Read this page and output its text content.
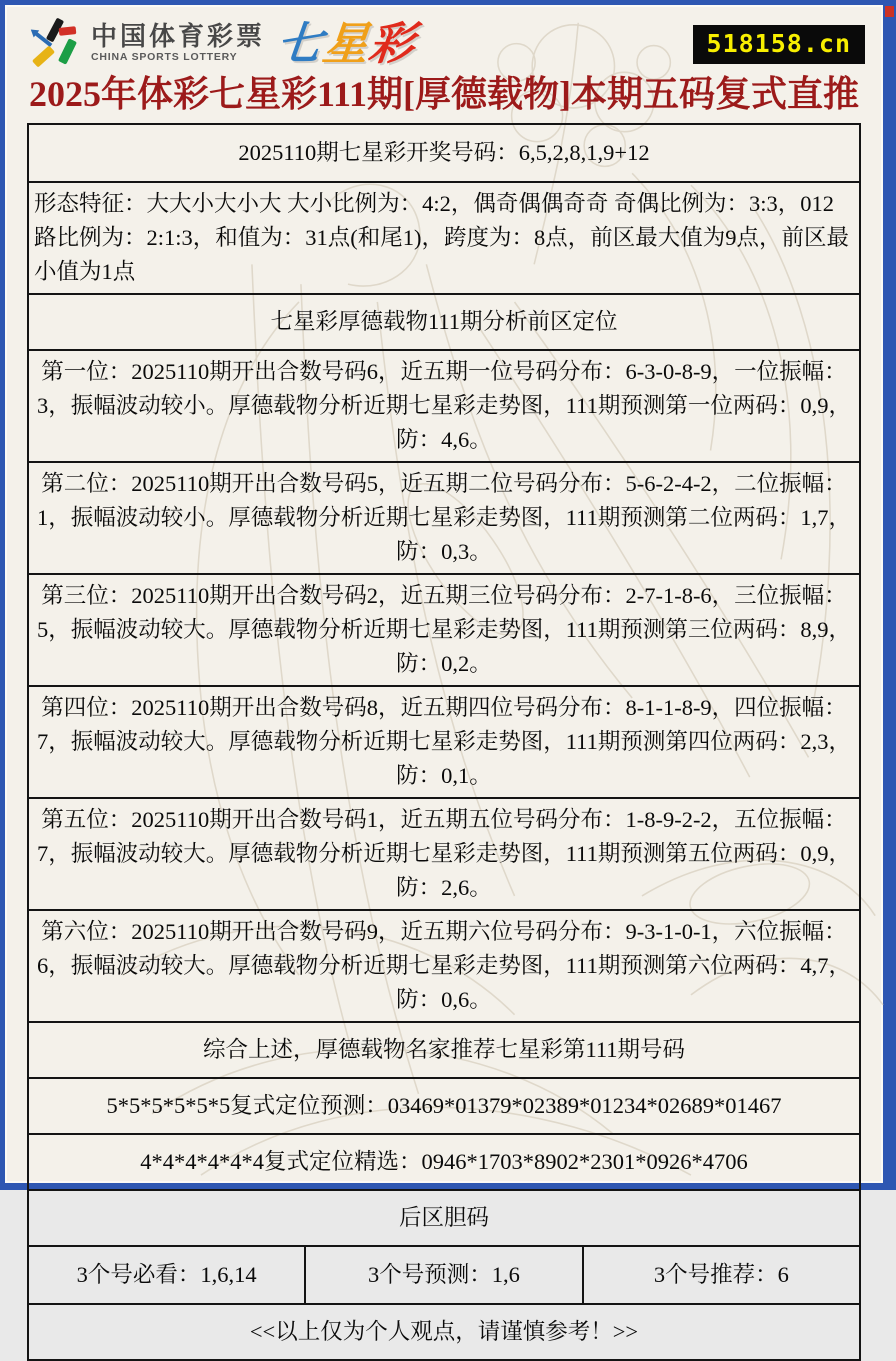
中国体育彩票
CHINA SPORTS LOTTERY 七星彩	518158.cn
2025年体彩七星彩111期[厚德载物]本期五码复式直推
2025110期七星彩开奖号码：6,5,2,8,1,9+12
形态特征：大大小大小大 大小比例为：4:2，偶奇偶偶奇奇 奇偶比例为：3:3，012路比例为：2:1:3，和值为：31点(和尾1)，跨度为：8点，前区最大值为9点，前区最小值为1点
七星彩厚德载物111期分析前区定位
第一位：2025110期开出合数号码6，近五期一位号码分布：6-3-0-8-9，一位振幅：3，振幅波动较小。厚德载物分析近期七星彩走势图，111期预测第一位两码：0,9，防：4,6。
第二位：2025110期开出合数号码5，近五期二位号码分布：5-6-2-4-2，二位振幅：1，振幅波动较小。厚德载物分析近期七星彩走势图，111期预测第二位两码：1,7，防：0,3。
第三位：2025110期开出合数号码2，近五期三位号码分布：2-7-1-8-6，三位振幅：5，振幅波动较大。厚德载物分析近期七星彩走势图，111期预测第三位两码：8,9，防：0,2。
第四位：2025110期开出合数号码8，近五期四位号码分布：8-1-1-8-9，四位振幅：7，振幅波动较大。厚德载物分析近期七星彩走势图，111期预测第四位两码：2,3，防：0,1。
第五位：2025110期开出合数号码1，近五期五位号码分布：1-8-9-2-2，五位振幅：7，振幅波动较大。厚德载物分析近期七星彩走势图，111期预测第五位两码：0,9，防：2,6。
第六位：2025110期开出合数号码9，近五期六位号码分布：9-3-1-0-1，六位振幅：6，振幅波动较大。厚德载物分析近期七星彩走势图，111期预测第六位两码：4,7，防：0,6。
综合上述，厚德载物名家推荐七星彩第111期号码
5*5*5*5*5*5复式定位预测：03469*01379*02389*01234*02689*01467
4*4*4*4*4*4复式定位精选：0946*1703*8902*2301*0926*4706
后区胆码
3个号必看：1,6,14	3个号预测：1,6	3个号推荐：6
<<以上仅为个人观点，请谨慎参考！>>
